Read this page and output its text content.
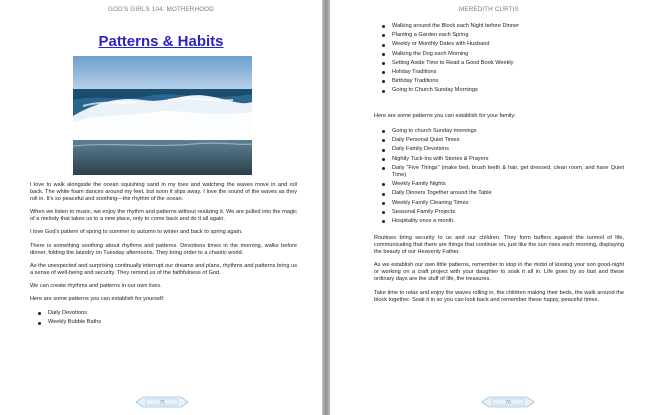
GOD'S GIRLS 104: MOTHERHOOD
Patterns & Habits

I love to walk alongside the ocean squishing sand in my toes and watching the waves move in and roll back. The white foam dances around my feet, but soon it slips away. I love the sound of the waves as they roll in. It's so peaceful and soothing—the rhythm of the ocean.

When we listen to music, we enjoy the rhythm and patterns without realizing it. We are pulled into the magic of a melody that takes us to a new place, only to come back and do it all again.

I love God's pattern of spring to summer to autumn to winter and back to spring again.

There is something soothing about rhythms and patterns. Devotions times in the morning, walks before dinner, folding the laundry on Tuesday afternoons. They bring order to a chaotic world.

As the unexpected and surprising continually interrupt our dreams and plans, rhythms and patterns bring us a sense of well-being and security. They remind us of the faithfulness of God.

We can create rhythms and patterns in our own lives.

Here are some patterns you can establish for yourself:

Daily Devotions
Weekly Bubble Baths
75
MEREDITH CURTIS
Walking around the Block each Night before Dinner
Planting a Garden each Spring
Weekly or Monthly Dates with Husband
Walking the Dog each Morning
Setting Aside Time to Read a Good Book Weekly
Holiday Traditions
Birthday Traditions
Going to Church Sunday Mornings
Here are some patterns you can establish for your family:
Going to church Sunday mornings
Daily Personal Quiet Times
Daily Family Devotions
Nightly Tuck-Ins with Stories & Prayers
Daily "Five Things" (make bed, brush teeth & hair, get dressed, clean room, and have Quiet Time)
Weekly Family Nights
Daily Dinners Together around the Table
Weekly Family Cleaning Times
Seasonal Family Projects
Hospitality once a month.

Routines bring security to us and our children. They form buffers against the turmoil of life, communicating that there are things that continue on, just like the sun rises each morning, displaying the beauty of our Heavenly Father.

As we establish our own little patterns, remember to stop in the midst of kissing your son good-night or working on a craft project with your daughter to soak it all in. Life goes by so fast and these ordinary days are the stuff of life, the treasures.

Take time to relax and enjoy the waves rolling in, the children making their beds, the walk around the block together. Soak it in so you can look back and remember these happy, peaceful times.

76
